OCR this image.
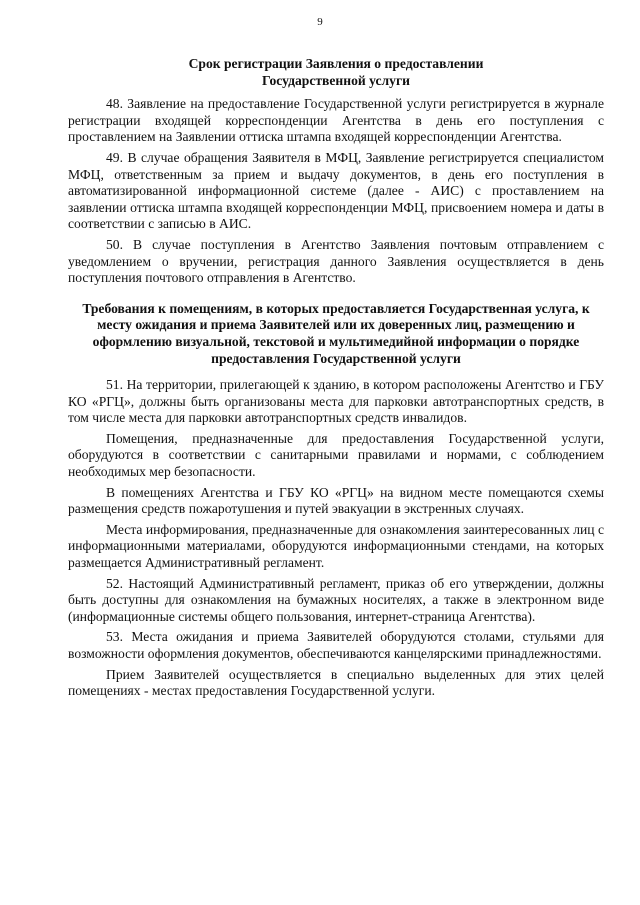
9
Срок регистрации Заявления о предоставлении
Государственной услуги

48. Заявление на предоставление Государственной услуги регистрируется в журнале регистрации входящей корреспонденции Агентства в день его поступления с проставлением на Заявлении оттиска штампа входящей корреспонденции Агентства.

49. В случае обращения Заявителя в МФЦ, Заявление регистрируется специалистом МФЦ, ответственным за прием и выдачу документов, в день его поступления в автоматизированной информационной системе (далее - АИС) с проставлением на заявлении оттиска штампа входящей корреспонденции МФЦ, присвоением номера и даты в соответствии с записью в АИС.

50. В случае поступления в Агентство Заявления почтовым отправлением с уведомлением о вручении, регистрация данного Заявления осуществляется в день поступления почтового отправления в Агентство.

Требования к помещениям, в которых предоставляется Государственная услуга, к месту ожидания и приема Заявителей или их доверенных лиц, размещению и оформлению визуальной, текстовой и мультимедийной информации о порядке предоставления Государственной услуги

51. На территории, прилегающей к зданию, в котором расположены Агентство и ГБУ КО «РГЦ», должны быть организованы места для парковки автотранспортных средств, в том числе места для парковки автотранспортных средств инвалидов.

Помещения, предназначенные для предоставления Государственной услуги, оборудуются в соответствии с санитарными правилами и нормами, с соблюдением необходимых мер безопасности.

В помещениях Агентства и ГБУ КО «РГЦ» на видном месте помещаются схемы размещения средств пожаротушения и путей эвакуации в экстренных случаях.

Места информирования, предназначенные для ознакомления заинтересованных лиц с информационными материалами, оборудуются информационными стендами, на которых размещается Административный регламент.

52. Настоящий Административный регламент, приказ об его утверждении, должны быть доступны для ознакомления на бумажных носителях, а также в электронном виде (информационные системы общего пользования, интернет-страница Агентства).

53. Места ожидания и приема Заявителей оборудуются столами, стульями для возможности оформления документов, обеспечиваются канцелярскими принадлежностями.

Прием Заявителей осуществляется в специально выделенных для этих целей помещениях - местах предоставления Государственной услуги.
